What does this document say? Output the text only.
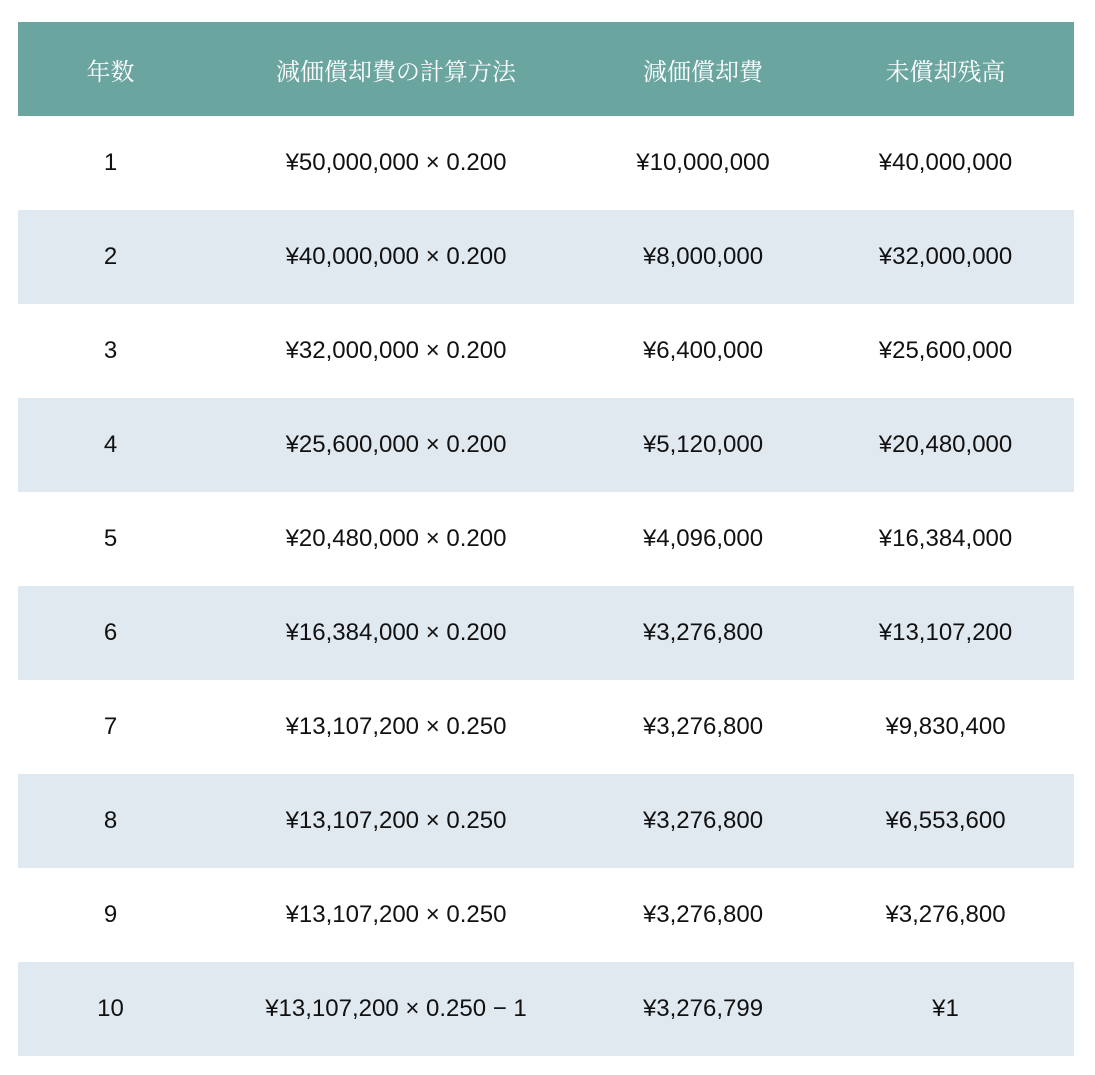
年数	減価償却費の計算方法	減価償却費	未償却残高
1	¥50,000,000 × 0.200	¥10,000,000	¥40,000,000
2	¥40,000,000 × 0.200	¥8,000,000	¥32,000,000
3	¥32,000,000 × 0.200	¥6,400,000	¥25,600,000
4	¥25,600,000 × 0.200	¥5,120,000	¥20,480,000
5	¥20,480,000 × 0.200	¥4,096,000	¥16,384,000
6	¥16,384,000 × 0.200	¥3,276,800	¥13,107,200
7	¥13,107,200 × 0.250	¥3,276,800	¥9,830,400
8	¥13,107,200 × 0.250	¥3,276,800	¥6,553,600
9	¥13,107,200 × 0.250	¥3,276,800	¥3,276,800
10	¥13,107,200 × 0.250 − 1	¥3,276,799	¥1
